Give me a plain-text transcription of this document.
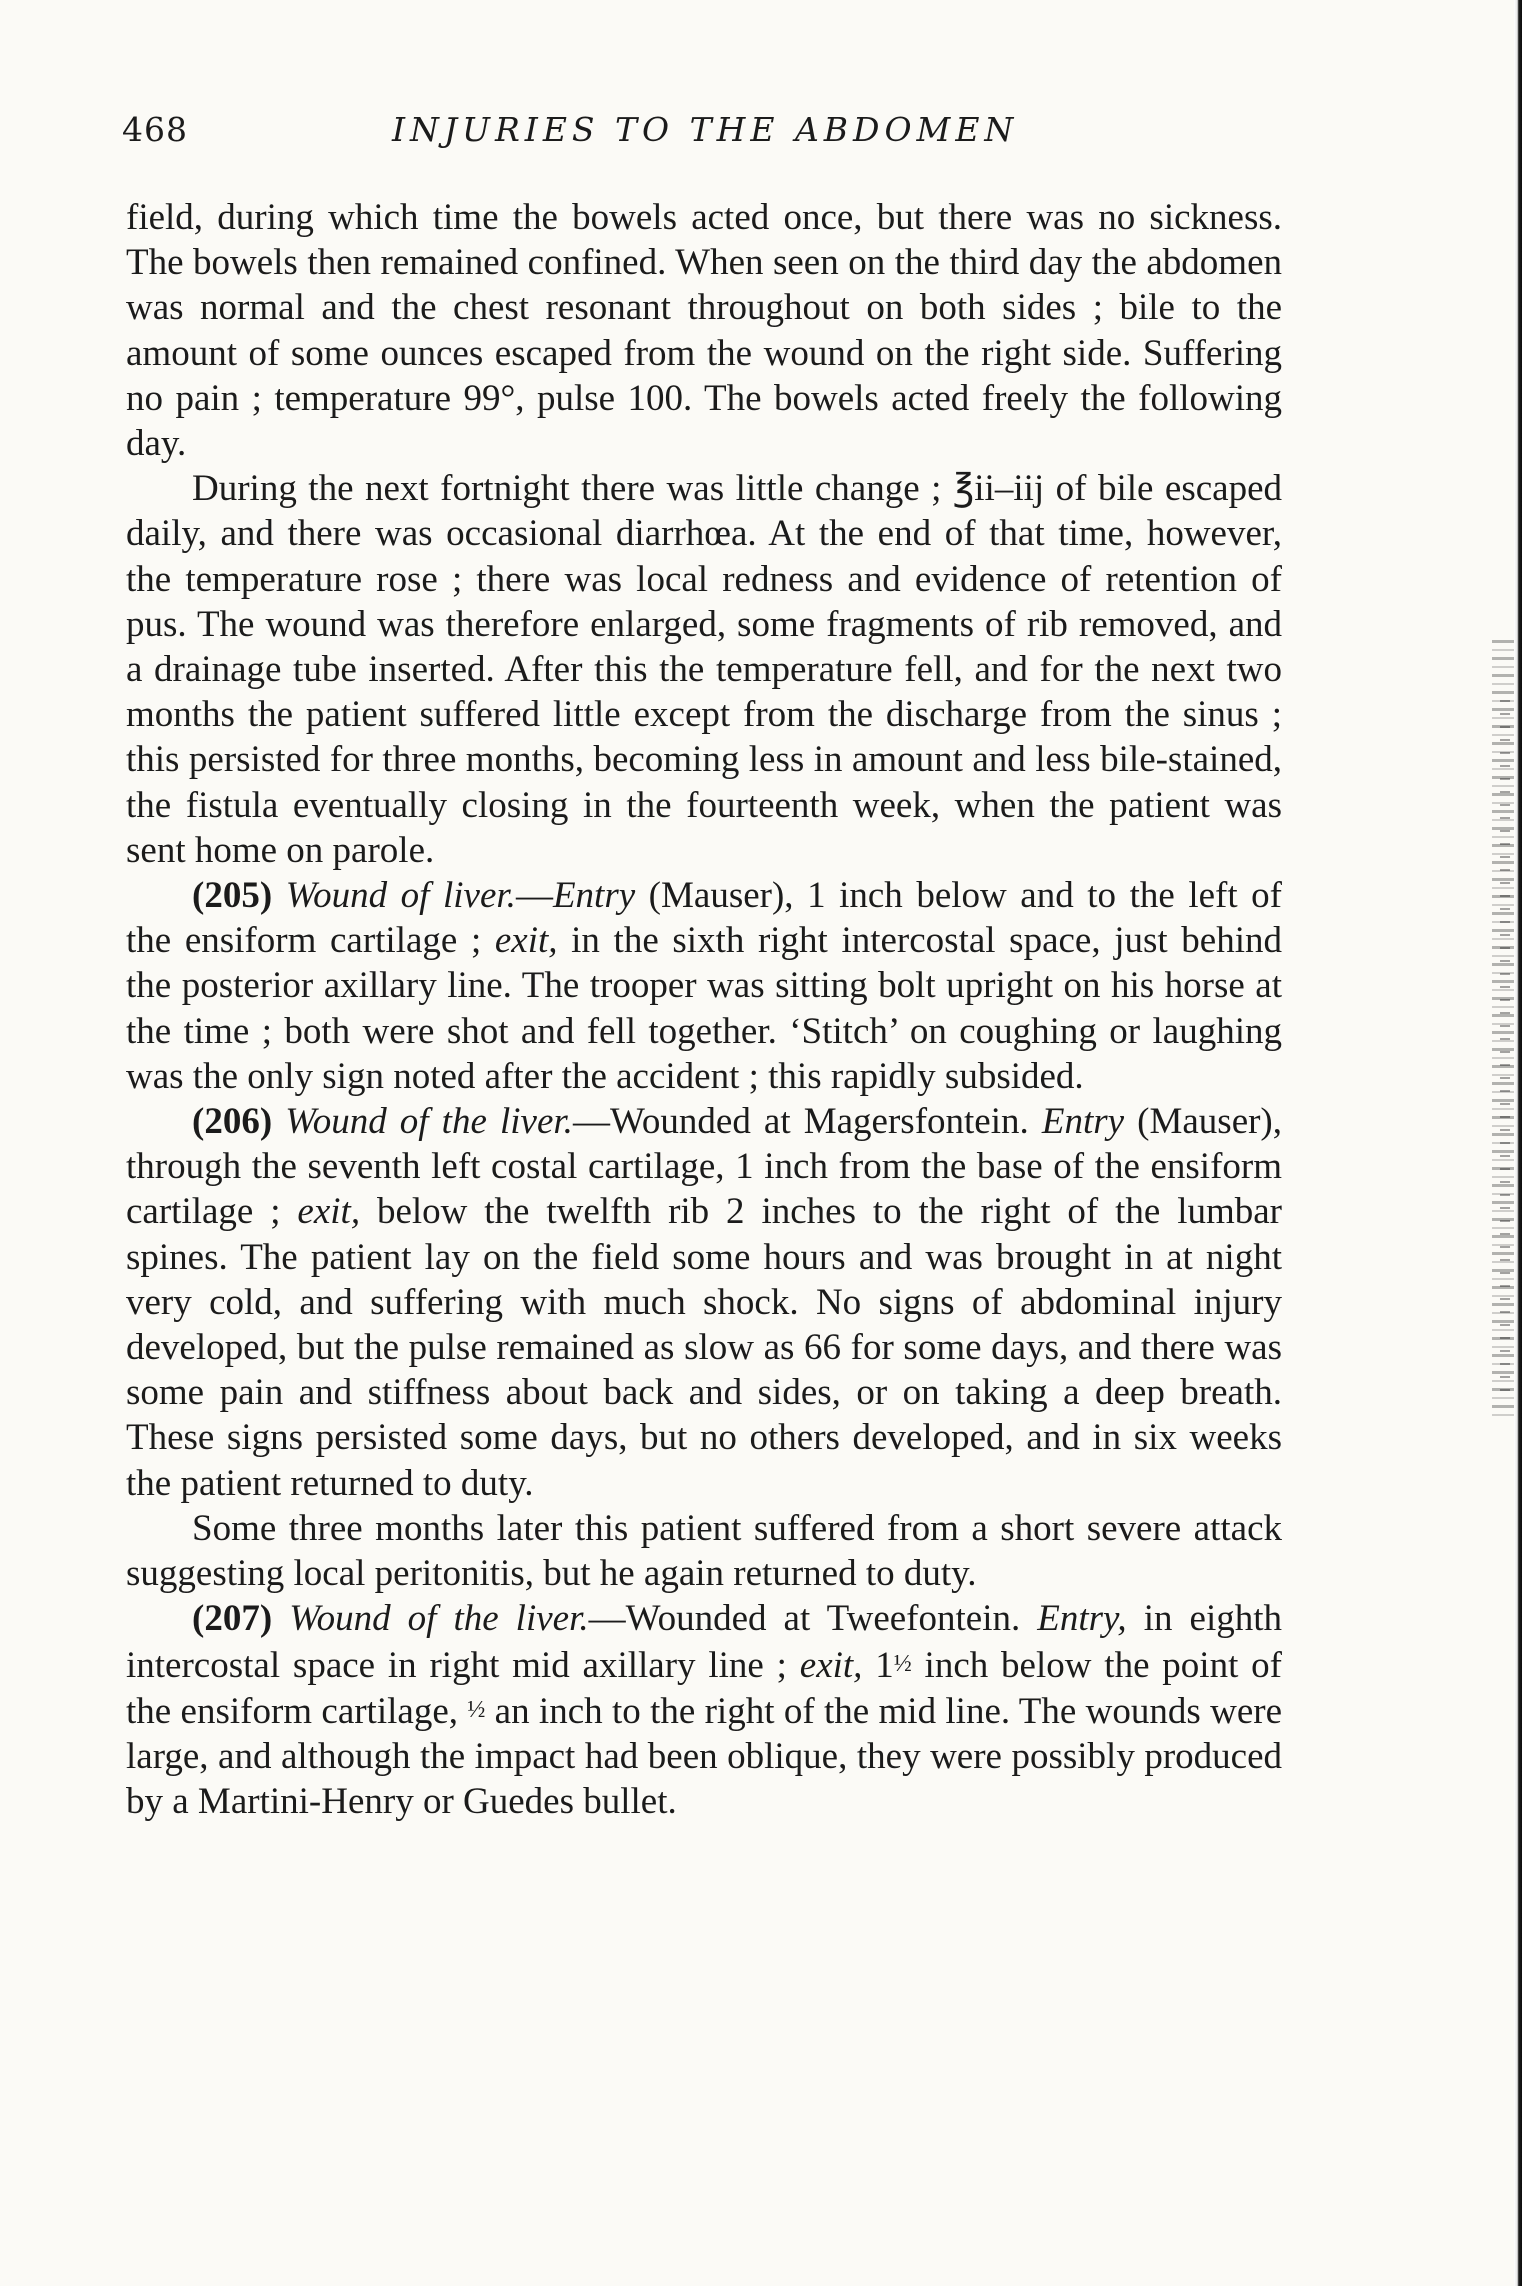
468	INJURIES TO THE ABDOMEN

field, during which time the bowels acted once, but there was no sickness. The bowels then remained confined. When seen on the third day the abdomen was normal and the chest resonant throughout on both sides ; bile to the amount of some ounces escaped from the wound on the right side. Suffering no pain ; temperature 99°, pulse 100. The bowels acted freely the following day.

During the next fortnight there was little change ; ℥ii–iij of bile escaped daily, and there was occasional diarrhœa. At the end of that time, however, the temperature rose ; there was local redness and evidence of retention of pus. The wound was therefore enlarged, some fragments of rib removed, and a drainage tube inserted. After this the temperature fell, and for the next two months the patient suffered little except from the discharge from the sinus ; this persisted for three months, becoming less in amount and less bile-stained, the fistula eventually closing in the fourteenth week, when the patient was sent home on parole.

(205) Wound of liver.—Entry (Mauser), 1 inch below and to the left of the ensiform cartilage ; exit, in the sixth right intercostal space, just behind the posterior axillary line. The trooper was sitting bolt upright on his horse at the time ; both were shot and fell together. ‘Stitch’ on coughing or laughing was the only sign noted after the accident ; this rapidly subsided.

(206) Wound of the liver.—Wounded at Magersfontein. Entry (Mauser), through the seventh left costal cartilage, 1 inch from the base of the ensiform cartilage ; exit, below the twelfth rib 2 inches to the right of the lumbar spines. The patient lay on the field some hours and was brought in at night very cold, and suffering with much shock. No signs of abdominal injury developed, but the pulse remained as slow as 66 for some days, and there was some pain and stiffness about back and sides, or on taking a deep breath. These signs persisted some days, but no others developed, and in six weeks the patient returned to duty.

Some three months later this patient suffered from a short severe attack suggesting local peritonitis, but he again returned to duty.

(207) Wound of the liver.—Wounded at Tweefontein. Entry, in eighth intercostal space in right mid axillary line ; exit, 1½ inch below the point of the ensiform cartilage, ½ an inch to the right of the mid line. The wounds were large, and although the impact had been oblique, they were possibly produced by a Martini-Henry or Guedes bullet.
